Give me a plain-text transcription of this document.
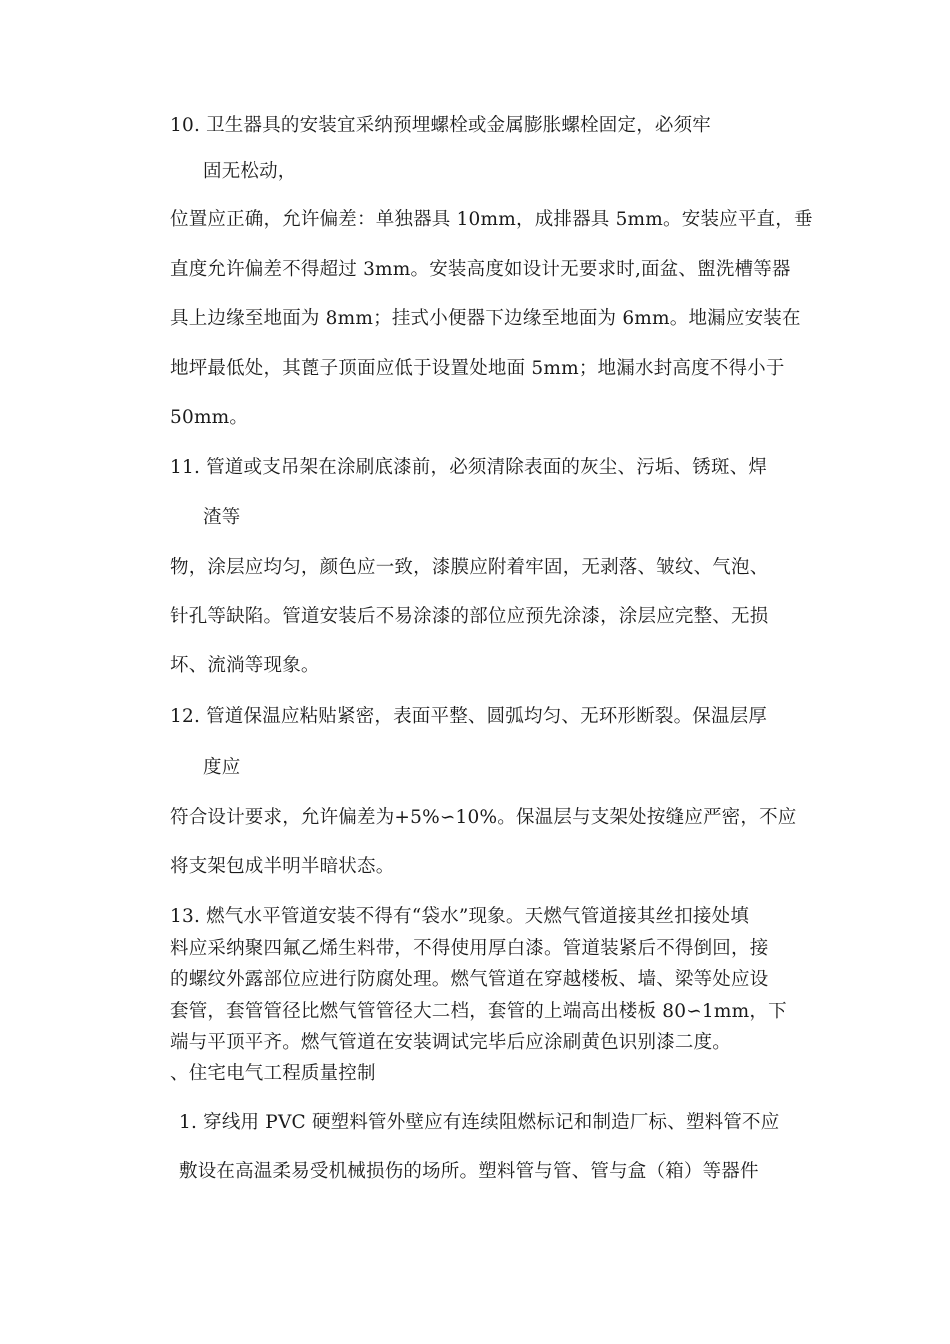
10. 卫生器具的安装宜采纳预埋螺栓或金属膨胀螺栓固定，必须牢
固无松动，
位置应正确，允许偏差：单独器具 10mm，成排器具 5mm。安装应平直，垂
直度允许偏差不得超过 3mm。安装高度如设计无要求时,面盆、盥洗槽等器
具上边缘至地面为 8mm；挂式小便器下边缘至地面为 6mm。地漏应安装在
地坪最低处，其蓖子顶面应低于设置处地面 5mm；地漏水封高度不得小于
50mm。
11. 管道或支吊架在涂刷底漆前，必须清除表面的灰尘、污垢、锈斑、焊
渣等
物，涂层应均匀，颜色应一致，漆膜应附着牢固，无剥落、皱纹、气泡、
针孔等缺陷。管道安装后不易涂漆的部位应预先涂漆，涂层应完整、无损
坏、流淌等现象。
12. 管道保温应粘贴紧密，表面平整、圆弧均匀、无环形断裂。保温层厚
度应
符合设计要求，允许偏差为+5%∽10%。保温层与支架处按缝应严密，不应
将支架包成半明半暗状态。
13. 燃气水平管道安装不得有“袋水”现象。天燃气管道接其丝扣接处填
料应采纳聚四氟乙烯生料带，不得使用厚白漆。管道装紧后不得倒回，接
的螺纹外露部位应进行防腐处理。燃气管道在穿越楼板、墙、梁等处应设
套管，套管管径比燃气管管径大二档，套管的上端高出楼板 80∽1mm，下
端与平顶平齐。燃气管道在安装调试完毕后应涂刷黄色识别漆二度。
、住宅电气工程质量控制
1. 穿线用 PVC 硬塑料管外壁应有连续阻燃标记和制造厂标、塑料管不应
敷设在高温柔易受机械损伤的场所。塑料管与管、管与盒（箱）等器件
